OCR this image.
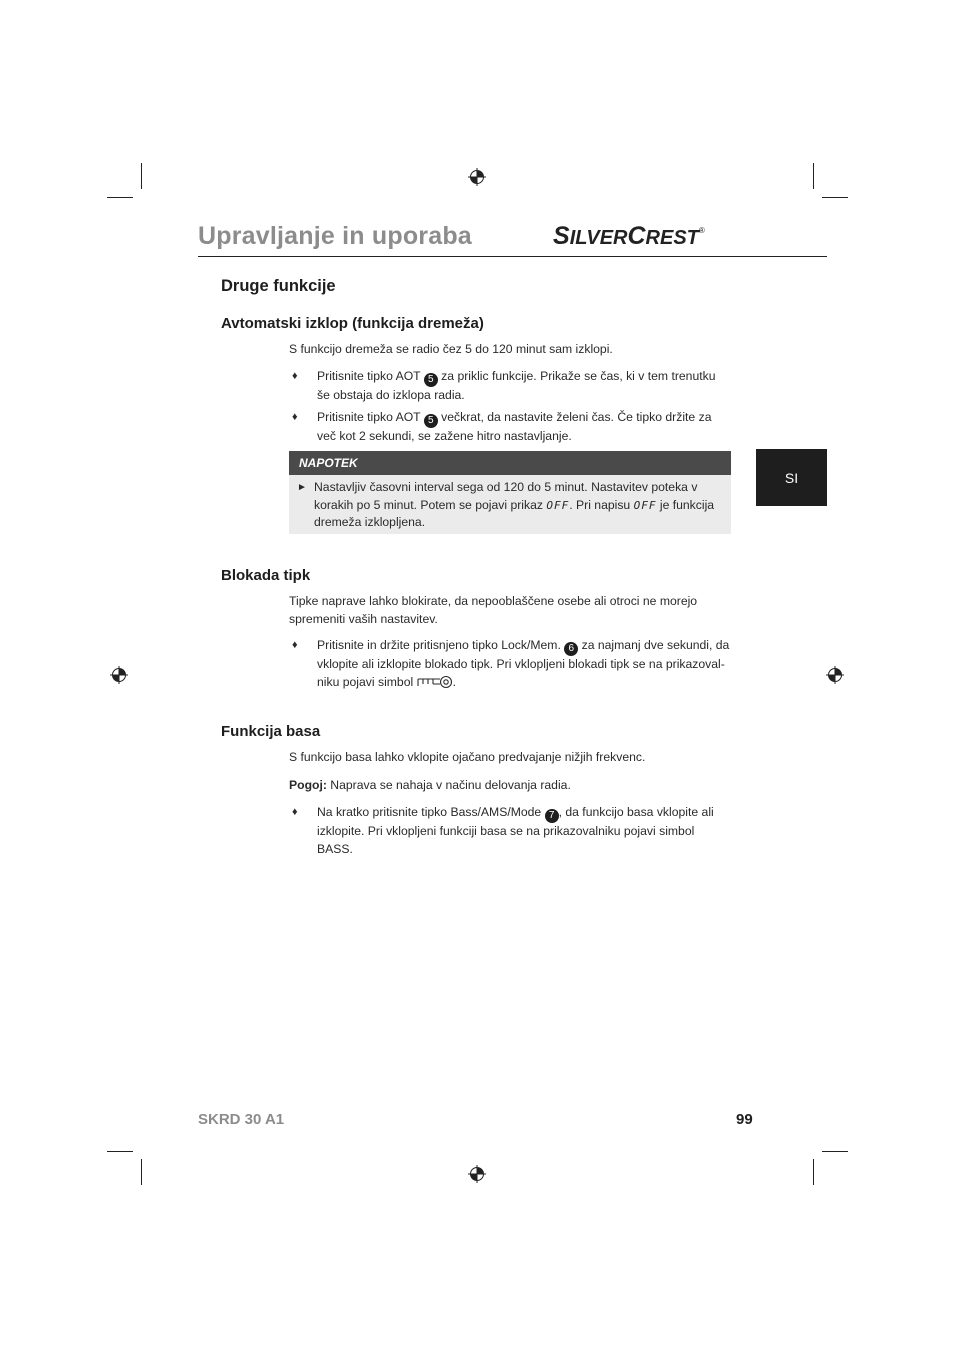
Upravljanje in uporaba	SILVERCREST®
SI
Druge funkcije
Avtomatski izklop (funkcija dremeža)
S funkcijo dremeža se radio čez 5 do 120 minut sam izklopi.
♦ Pritisnite tipko AOT 5 za priklic funkcije. Prikaže se čas, ki v tem trenutku še obstaja do izklopa radia.
♦ Pritisnite tipko AOT 5 večkrat, da nastavite želeni čas. Če tipko držite za več kot 2 sekundi, se zažene hitro nastavljanje.
NAPOTEK
► Nastavljiv časovni interval sega od 120 do 5 minut. Nastavitev poteka v korakih po 5 minut. Potem se pojavi prikaz OFF. Pri napisu OFF je funkcija dremeža izklopljena.
Blokada tipk
Tipke naprave lahko blokirate, da nepooblaščene osebe ali otroci ne morejo spremeniti vaših nastavitev.
♦ Pritisnite in držite pritisnjeno tipko Lock/Mem. 6 za najmanj dve sekundi, da vklopite ali izklopite blokado tipk. Pri vklopljeni blokadi tipk se na prikazoval-niku pojavi simbol	.
Funkcija basa
S funkcijo basa lahko vklopite ojačano predvajanje nižjih frekvenc.
Pogoj: Naprava se nahaja v načinu delovanja radia.
♦ Na kratko pritisnite tipko Bass/AMS/Mode 7 , da funkcijo basa vklopite ali izklopite. Pri vklopljeni funkciji basa se na prikazovalniku pojavi simbol BASS.
SKRD 30 A1	99
